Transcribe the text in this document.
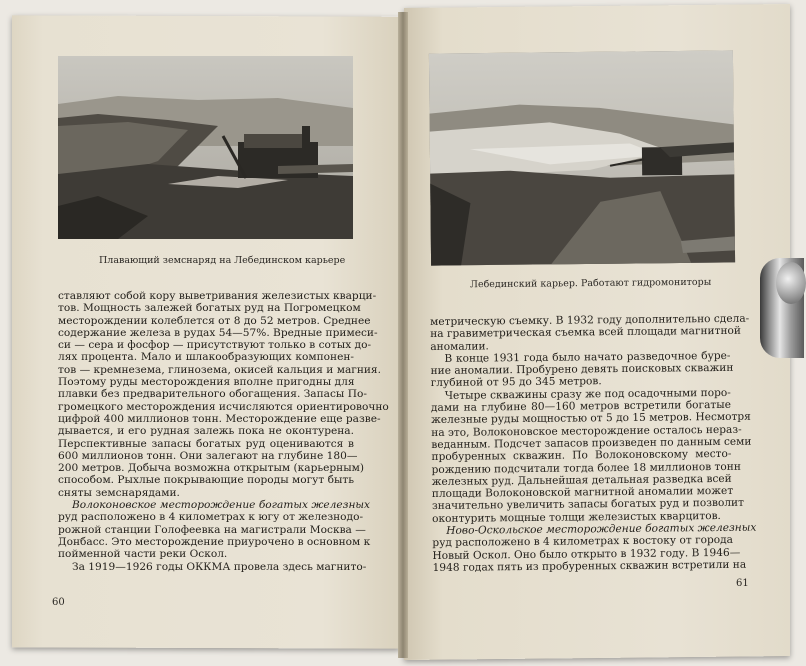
Плавающий земснаряд на Лебединском карьере
ставляют собой кору выветривания железистых кварци-
тов. Мощность залежей богатых руд на Погромецком
месторождении колеблется от 8 до 52 метров. Среднее
содержание железа в рудах 54—57%. Вредные примеси-
си — сера и фосфор — присутствуют только в сотых до-
лях процента. Мало и шлакообразующих компонен-
тов — кремнезема, глинозема, окисей кальция и магния.
Поэтому руды месторождения вполне пригодны для
плавки без предварительного обогащения. Запасы По-
громецкого месторождения исчисляются ориентировочно
цифрой 400 миллионов тонн. Месторождение еще разве-
дывается, и его рудная залежь пока не оконтурена.
Перспективные запасы богатых руд оцениваются в
600 миллионов тонн. Они залегают на глубине 180—
200 метров. Добыча возможна открытым (карьерным)
способом. Рыхлые покрывающие породы могут быть
сняты земснарядами.
Волоконовское месторождение богатых железных
руд расположено в 4 километрах к югу от железнодо-
рожной станции Голофеевка на магистрали Москва —
Донбасс. Это месторождение приурочено в основном к
пойменной части реки Оскол.
За 1919—1926 годы ОККМА провела здесь магнито-
60
Лебединский карьер. Работают гидромониторы
метрическую съемку. В 1932 году дополнительно сдела-
на гравиметрическая съемка всей площади магнитной
аномалии.
В конце 1931 года было начато разведочное буре-
ние аномалии. Пробурено девять поисковых скважин
глубиной от 95 до 345 метров.
Четыре скважины сразу же под осадочными поро-
дами на глубине 80—160 метров встретили богатые
железные руды мощностью от 5 до 15 метров. Несмотря
на это, Волоконовское месторождение осталось нераз-
веданным. Подсчет запасов произведен по данным семи
пробуренных скважин. По Волоконовскому место-
рождению подсчитали тогда более 18 миллионов тонн
железных руд. Дальнейшая детальная разведка всей
площади Волоконовской магнитной аномалии может
значительно увеличить запасы богатых руд и позволит
оконтурить мощные толщи железистых кварцитов.
Ново-Оскольское месторождение богатых железных
руд расположено в 4 километрах к востоку от города
Новый Оскол. Оно было открыто в 1932 году. В 1946—
1948 годах пять из пробуренных скважин встретили на
61
